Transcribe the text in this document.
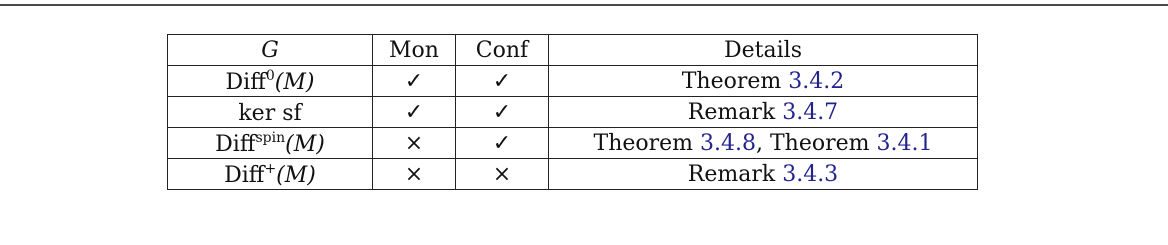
G	Mon	Conf	Details
Diff$^0$(M)	✓	✓	Theorem 3.4.2
ker sf	✓	✓	Remark 3.4.7
Diff$^{spin}$(M)	×	✓	Theorem 3.4.8, Theorem 3.4.1
Diff+(M)	×	×	Remark 3.4.3
